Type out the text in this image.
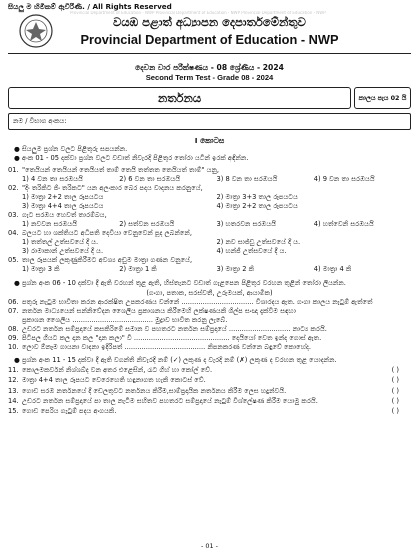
සියලු ම හිමිකම් ඇවිරිණි. / All Rights Reserved
Provincial Department of Education - NWP Provincial Department of Education - NWP Provincial Department of Education - NWP
වයඹ පළාත් අධ්‍යාපන දෙපාර්තමේන්තුව
Provincial Department of Education - NWP
දෙවන වාර පරීක්ෂණය - 08 ශ්‍රේණිය - 2024
Second Term Test - Grade 08 - 2024
නර්තනය	කාලය පැය 02 යි
නම / විභාග අංකය:
I කොටස
● සියලුම ප්‍රශ්න වලට පිළිතුරු සපයන්න.
● අංක 01 - 05 දක්වා ප්‍රශ්න වලට වඩාත් නිවැරදි පිළිතුර තෝරා යටින් ඉරක් අඳින්න.
01. "තෙයියන් තෙයියන් තෙයියත් තාම් තෙයි තත්තත තෙයියත් තාම්" යනු,
1) 4 වන තා සරඹයයි	2) 6 වන තා සරඹයයි	3) 8 වන තා සරඹයයි	4) 9 වන තා සරඹයයි
02. "දිං තරිකිට ජිං තරිකට" යන අලංකාර බෙර පදය වාදනය කරනුයේ,
1) මාත්‍රා 2+2 තාල රූපයටය	2) මාත්‍රා 3+3 තාල රූපයටය
3) මාත්‍රා 4+4 තාල රූපයටය	4) මාත්‍රා 2+2 තාල රූපයටය
03. ගැට සරඹය හෙවත් තාරම්බය,
1) නවවන සරඹයයි	2) සත්වන සරඹයයි	3) හතරවන සරඹයයි	4) හත්වෙනි සරඹයයි
04. බලයට හා ශක්තියට අධිපති දෙවියා වෙනුවෙන් පූද ලබන්නේ,
1) තත්තල් උත්සවයේ දී ය.	2) නව සාජ්ඩු උත්සවයේ දී ය.
3) රාමාකාන් උත්සවයේ දී ය.	4) හන්ජි උත්සවයේ දී ය.
05. තාල රූපයක් ලකුණුකිරීමට අවශ්‍ය අඩුම මාත්‍රා ගණන වනුයේ,
1) මාත්‍රා 3 කි	2) මාත්‍රා 1 කි	3) මාත්‍රා 2 කි	4) මාත්‍රා 4 කි
● ප්‍රශ්න අංක 06 - 10 දක්වා දී ඇති වරහන් තුළ ඇති, හිස්තැනට වඩාත් ගැළපෙන පිළිතුර වරහන තුළින් තෝරා ලියන්න.
(ගංගා, පතාක, සරස්වතී, උරුමයක්, ආයාමික)
06. පතුරු නැටුම භාවිතා කරන ආරක්ෂිත උපකරණය වන්නේ .................................. විශාරදය ඇත. ගංගා කාලය නැටුම් ඇත්තේ
07. නර්තන මාධ්‍යයෙන් සන්නිවේදන ශෛලීය ප්‍රකාශනය කිරීමෙහි ලක්ෂණයකි ශිල්ප සංඥා දැක්වීම සඳහා
ප්‍රකාශන ශෛලිය ...................................... මුද්‍රාව භාවිත කරනු ලැබේ.
08. උඩරට නර්තන සම්ප්‍රදායේ කසකිරිමේ සමාන ව පහතරට නර්තන සම්ප්‍රදායේ ............................. නාට්‍ය කරයි.
09. පිටිපල ගීයට කල දාන කල "දාන කලා" වී ............................................. දෙයියෝ වෙත ඉන්ද ගොස් ඇත.
10. ලොව ඕනෑම ගායනා වාදනා ඉදිරිපත් ...................................... නිපනකරණ වන්නෙ බඳුවේ කොහේද.
● ප්‍රශ්න අංක 11 - 15 දක්වා දී ඇති වගන්ති නිවැරදි නම් (✓) ලකුණ ද වැරදි නම් (✗) ලකුණ ද වරහන තුළ යොදන්න.
11. කොලමකර්වන් නිශ්ශබ්ද වන අතර එළෙසින්, රැට ගිහ් හා කෝල් වේ.	( )
12. මාත්‍රා 4+4 තාල රූපයට වෙරෙහෙති හඳුනාගත හැකි කොටස් වේ.	( )
13. ගොඩ සරඹ නර්තනයේ දී ඩෙලතුවට නර්තනය කිරීම,සාම්ප්‍රදායික නර්තනය කිරීම ලෙස හදුන්වයි.	( )
14. උඩරට නර්තන සම්ප්‍රදායේ පා තාල නැටීම සහිතව පහතරට සම්ප්‍රදායේ නැටුම් විශ්ලේෂණ කිරීම යොමු කරයි.	( )
15. ගොඩ පෙරිය ගැටුම් පදය අංගයකි.	( )
- 01 -
